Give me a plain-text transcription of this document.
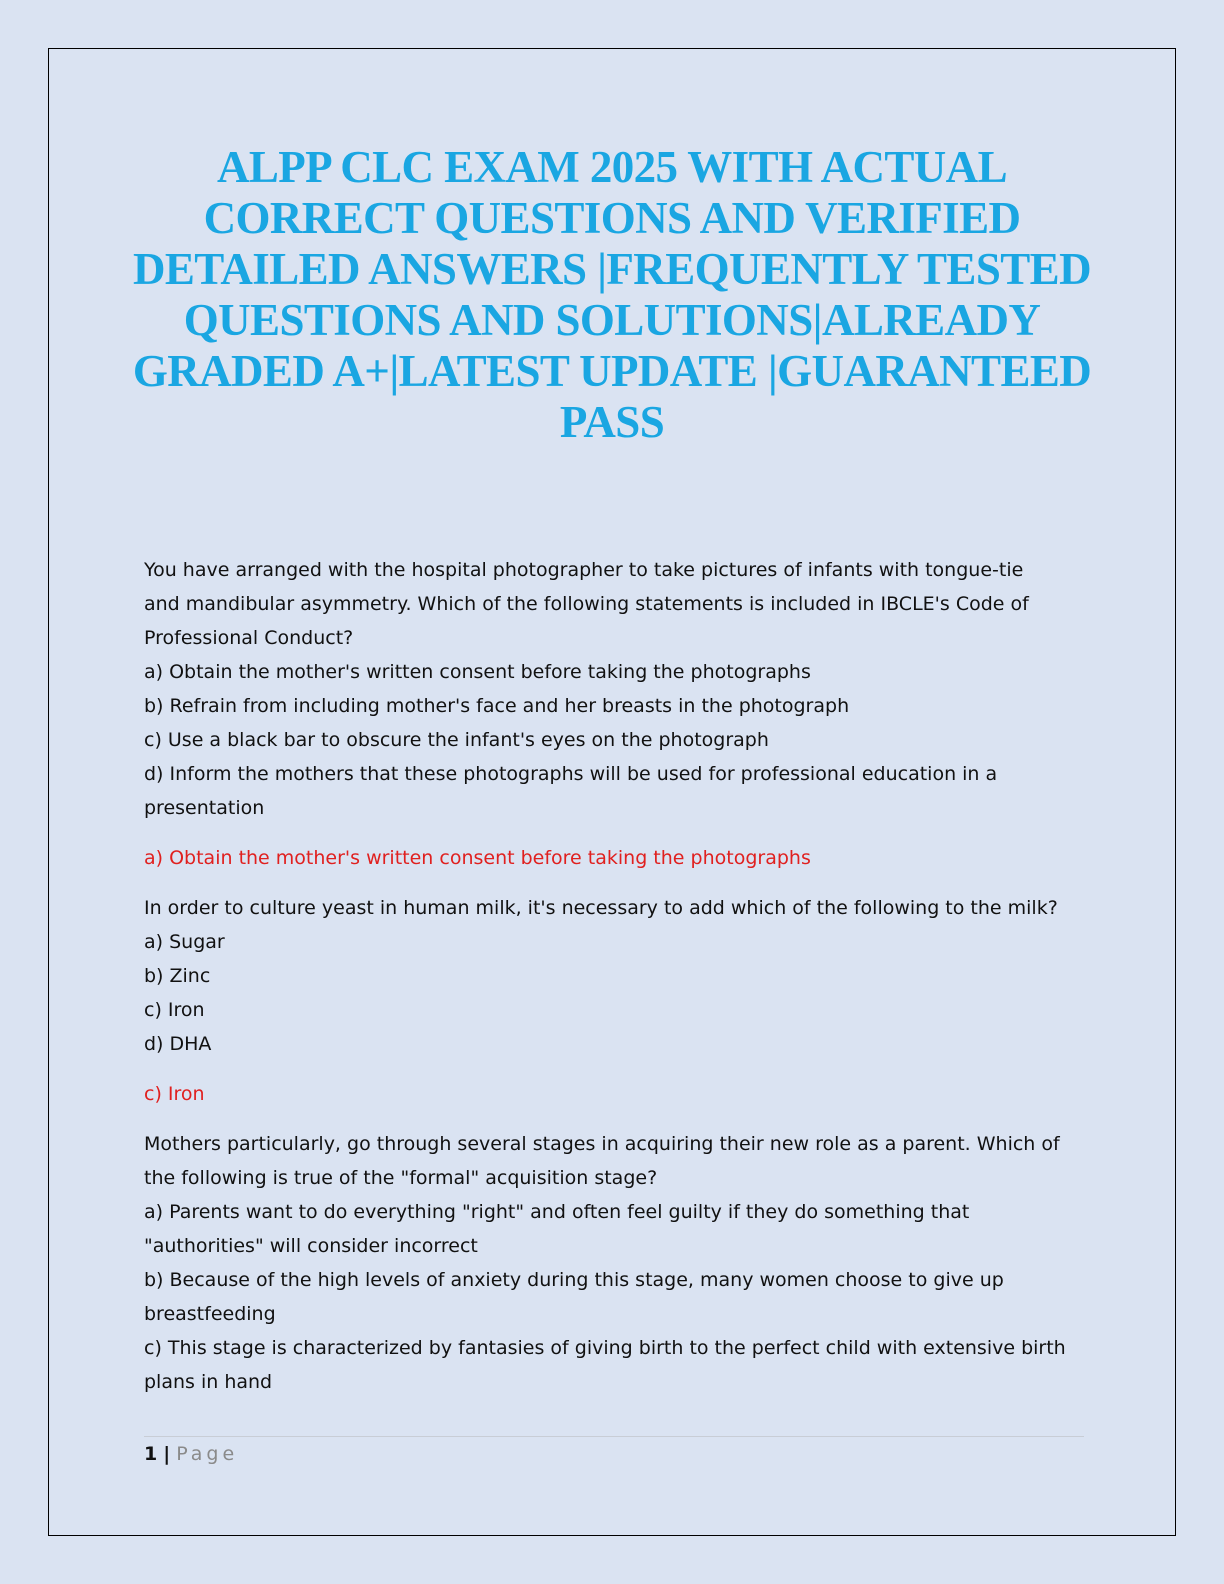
ALPP CLC EXAM 2025 WITH ACTUAL
CORRECT QUESTIONS AND VERIFIED
DETAILED ANSWERS |FREQUENTLY TESTED
QUESTIONS AND SOLUTIONS|ALREADY
GRADED A+|LATEST UPDATE |GUARANTEED
PASS
You have arranged with the hospital photographer to take pictures of infants with tongue-tie
and mandibular asymmetry. Which of the following statements is included in IBCLE's Code of
Professional Conduct?
a) Obtain the mother's written consent before taking the photographs
b) Refrain from including mother's face and her breasts in the photograph
c) Use a black bar to obscure the infant's eyes on the photograph
d) Inform the mothers that these photographs will be used for professional education in a
presentation

a) Obtain the mother's written consent before taking the photographs

In order to culture yeast in human milk, it's necessary to add which of the following to the milk?
a) Sugar
b) Zinc
c) Iron
d) DHA

c) Iron

Mothers particularly, go through several stages in acquiring their new role as a parent. Which of
the following is true of the "formal" acquisition stage?
a) Parents want to do everything "right" and often feel guilty if they do something that
"authorities" will consider incorrect
b) Because of the high levels of anxiety during this stage, many women choose to give up
breastfeeding
c) This stage is characterized by fantasies of giving birth to the perfect child with extensive birth
plans in hand
1 | Page
